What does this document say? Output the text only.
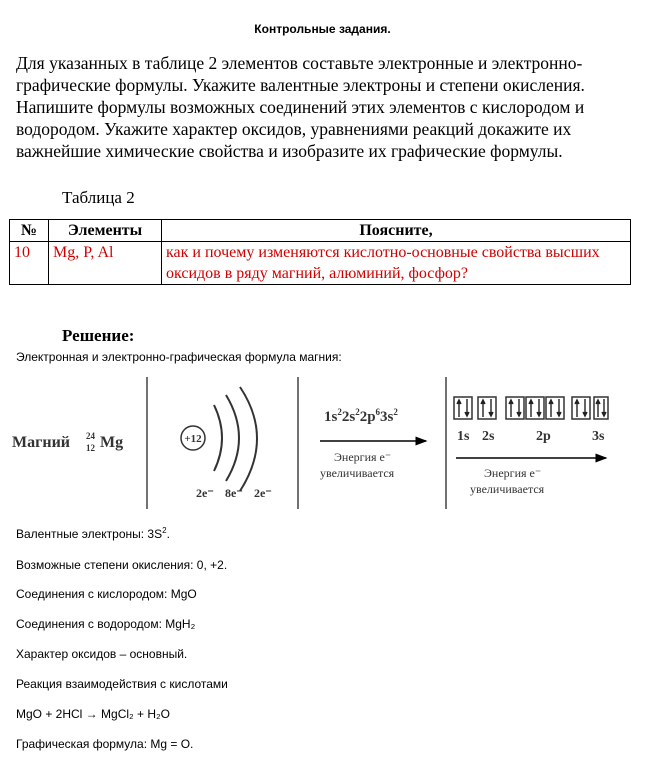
Контрольные задания.
Для указанных в таблице 2 элементов составьте электронные и электронно-графические формулы. Укажите валентные электроны и степени окисления. Напишите формулы возможных соединений этих элементов с кислородом и водородом. Укажите характер оксидов, уравнениями реакций докажите их важнейшие химические свойства и изобразите их графические формулы.
Таблица 2
№	Элементы	Поясните,
10	Mg, P, Al	как и почему изменяются кислотно-основные свойства высших оксидов в ряду магний, алюминий, фосфор?
Решение:
Электронная и электронно-графическая формула магния:
Магний 24
12 Mg	+12
2e⁻ 8e⁻ 2e⁻
$1s^22s^22p^63s^2$
Энергия e⁻
увеличивается
1s 2s	2p	3s
Энергия e⁻
увеличивается
Валентные электроны: $3S^2$.
Возможные степени окисления: 0, +2.
Соединения с кислородом: MgO
Соединения с водородом: MgH₂
Характер оксидов – основный.
Реакция взаимодействия с кислотами
MgO + 2HCl → MgCl₂ + H₂O
Графическая формула: Mg = O.
